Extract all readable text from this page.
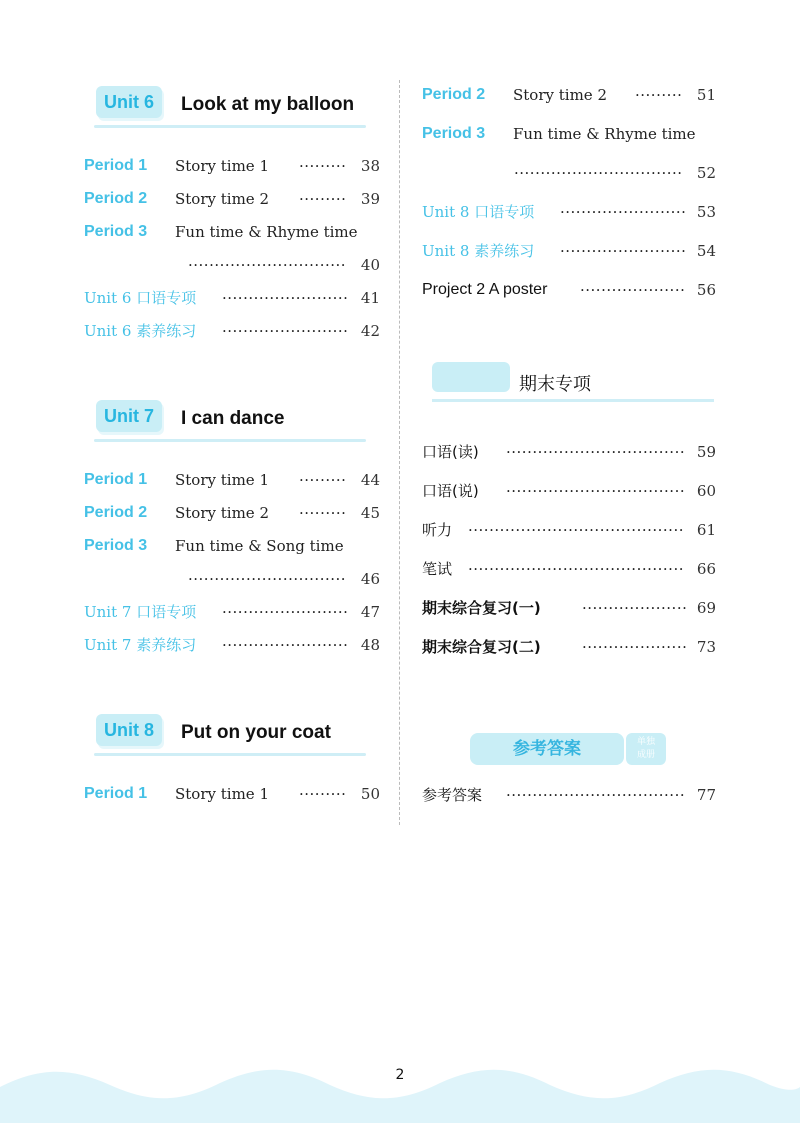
Unit 6	Look at my balloon
Period 1 Story time 1 ········· 38
Period 2 Story time 2 ········· 39
Period 3 Fun time & Rhyme time
······························ 40
Unit 6 口语专项 ························ 41
Unit 6 素养练习 ························ 42
Unit 7	I can dance
Period 1 Story time 1 ········· 44
Period 2 Story time 2 ········· 45
Period 3 Fun time & Song time
······························ 46
Unit 7 口语专项 ························ 47
Unit 7 素养练习 ························ 48
Unit 8	Put on your coat
Period 1 Story time 1 ········· 50
Period 2 Story time 2 ········· 51
Period 3 Fun time & Rhyme time
································ 52
Unit 8 口语专项 ························ 53
Unit 8 素养练习 ························ 54
Project 2 A poster ···················· 56
期末专项
口语(读) ·································· 59
口语(说) ·································· 60
听力 ········································· 61
笔试 ········································· 66
期末综合复习(一)	···················· 69
期末综合复习(二)	···················· 73
参考答案	单独
成册
参考答案 ·································· 77
2
